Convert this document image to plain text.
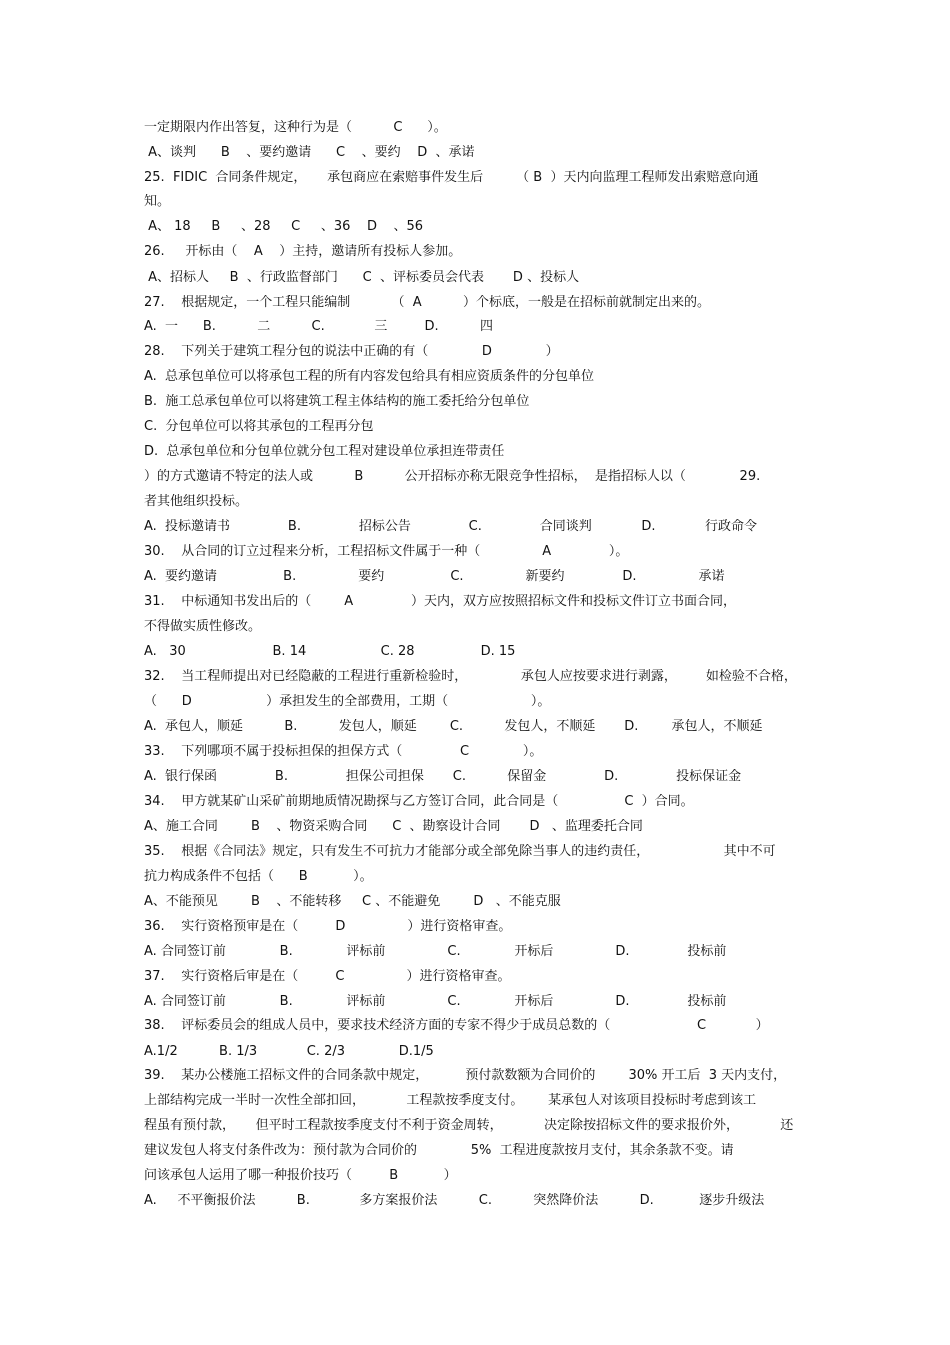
一定期限内作出答复，这种行为是（          C      ）。
A、谈判      B    、要约邀请      C    、要约    D  、承诺
25.  FIDIC  合同条件规定，     承包商应在索赔事件发生后        （ B  ）天内向监理工程师发出索赔意向通
知。
A、 18     B     、28     C     、36    D    、56
26.     开标由（    A    ）主持，邀请所有投标人参加。
A、招标人     B  、行政监督部门      C  、评标委员会代表       D 、投标人
27.    根据规定，一个工程只能编制          （  A          ）个标底，一般是在招标前就制定出来的。
A.  一      B.          二          C.            三         D.          四
28.    下列关于建筑工程分包的说法中正确的有（             D             ）
A.  总承包单位可以将承包工程的所有内容发包给具有相应资质条件的分包单位
B.  施工总承包单位可以将建筑工程主体结构的施工委托给分包单位
C.  分包单位可以将其承包的工程再分包
D.  总承包单位和分包单位就分包工程对建设单位承担连带责任
）的方式邀请不特定的法人或          B          公开招标亦称无限竞争性招标，  是指招标人以（             29.
者其他组织投标。
A.  投标邀请书              B.              招标公告              C.              合同谈判            D.            行政命令
30.    从合同的订立过程来分析，工程招标文件属于一种（               A              ）。
A.  要约邀请                B.               要约                C.               新要约              D.               承诺
31.    中标通知书发出后的（        A              ）天内，双方应按照招标文件和投标文件订立书面合同，
不得做实质性修改。
A.   30                     B. 14                  C. 28                D. 15
32.    当工程师提出对已经隐蔽的工程进行重新检验时，             承包人应按要求进行剥露，       如检验不合格，
（      D                  ）承担发生的全部费用，工期（                    ）。
A.  承包人，顺延          B.          发包人，顺延        C.          发包人，不顺延       D.        承包人，不顺延
33.    下列哪项不属于投标担保的担保方式（              C             ）。
A.  银行保函              B.              担保公司担保       C.          保留金              D.              投标保证金
34.    甲方就某矿山采矿前期地质情况勘探与乙方签订合同，此合同是（                C  ）合同。
A、施工合同        B    、物资采购合同      C  、勘察设计合同       D   、监理委托合同
35.    根据《合同法》规定，只有发生不可抗力才能部分或全部免除当事人的违约责任，                  其中不可
抗力构成条件不包括（      B           ）。
A、不能预见        B    、不能转移     C 、不能避免        D   、不能克服
36.    实行资格预审是在（         D               ）进行资格审查。
A. 合同签订前             B.             评标前               C.             开标后               D.              投标前
37.    实行资格后审是在（         C               ）进行资格审查。
A. 合同签订前             B.             评标前               C.             开标后               D.              投标前
38.    评标委员会的组成人员中，要求技术经济方面的专家不得少于成员总数的（                     C            ）
A.1/2          B. 1/3            C. 2/3             D.1/5
39.    某办公楼施工招标文件的合同条款中规定，         预付款数额为合同价的        30% 开工后  3 天内支付，
上部结构完成一半时一次性全部扣回，          工程款按季度支付。      某承包人对该项目投标时考虑到该工
程虽有预付款，     但平时工程款按季度支付不利于资金周转，          决定除按招标文件的要求报价外，          还
建议发包人将支付条件改为：预付款为合同价的             5%  工程进度款按月支付，其余条款不变。请
问该承包人运用了哪一种报价技巧（         B           ）
A.     不平衡报价法          B.            多方案报价法          C.          突然降价法          D.           逐步升级法
